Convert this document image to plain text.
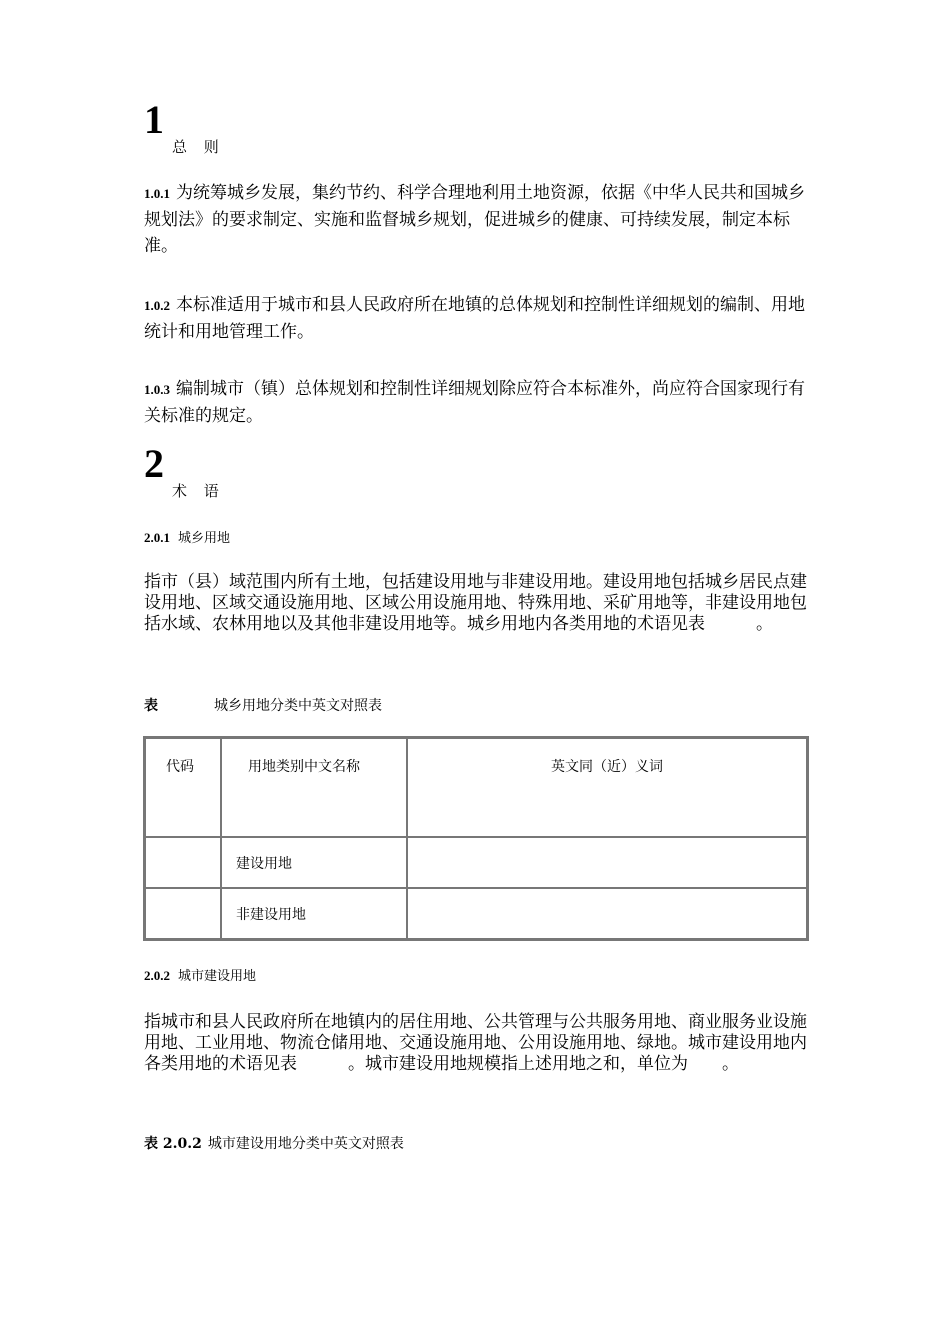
1
总 则
1.0.1 为统筹城乡发展，集约节约、科学合理地利用土地资源，依据《中华人民共和国城乡规划法》的要求制定、实施和监督城乡规划，促进城乡的健康、可持续发展，制定本标准。
1.0.2 本标准适用于城市和县人民政府所在地镇的总体规划和控制性详细规划的编制、用地统计和用地管理工作。
1.0.3 编制城市（镇）总体规划和控制性详细规划除应符合本标准外，尚应符合国家现行有关标准的规定。
2
术 语
2.0.1 城乡用地
指市（县）域范围内所有土地，包括建设用地与非建设用地。建设用地包括城乡居民点建设用地、区域交通设施用地、区域公用设施用地、特殊用地、采矿用地等，非建设用地包括水域、农林用地以及其他非建设用地等。城乡用地内各类用地的术语见表　　　。
表	城乡用地分类中英文对照表
代码	用地类别中文名称	英文同（近）义词

	建设用地	

	非建设用地	

2.0.2 城市建设用地
指城市和县人民政府所在地镇内的居住用地、公共管理与公共服务用地、商业服务业设施用地、工业用地、物流仓储用地、交通设施用地、公用设施用地、绿地。城市建设用地内各类用地的术语见表　　　。城市建设用地规模指上述用地之和，单位为　　。
表 2.0.2 城市建设用地分类中英文对照表
